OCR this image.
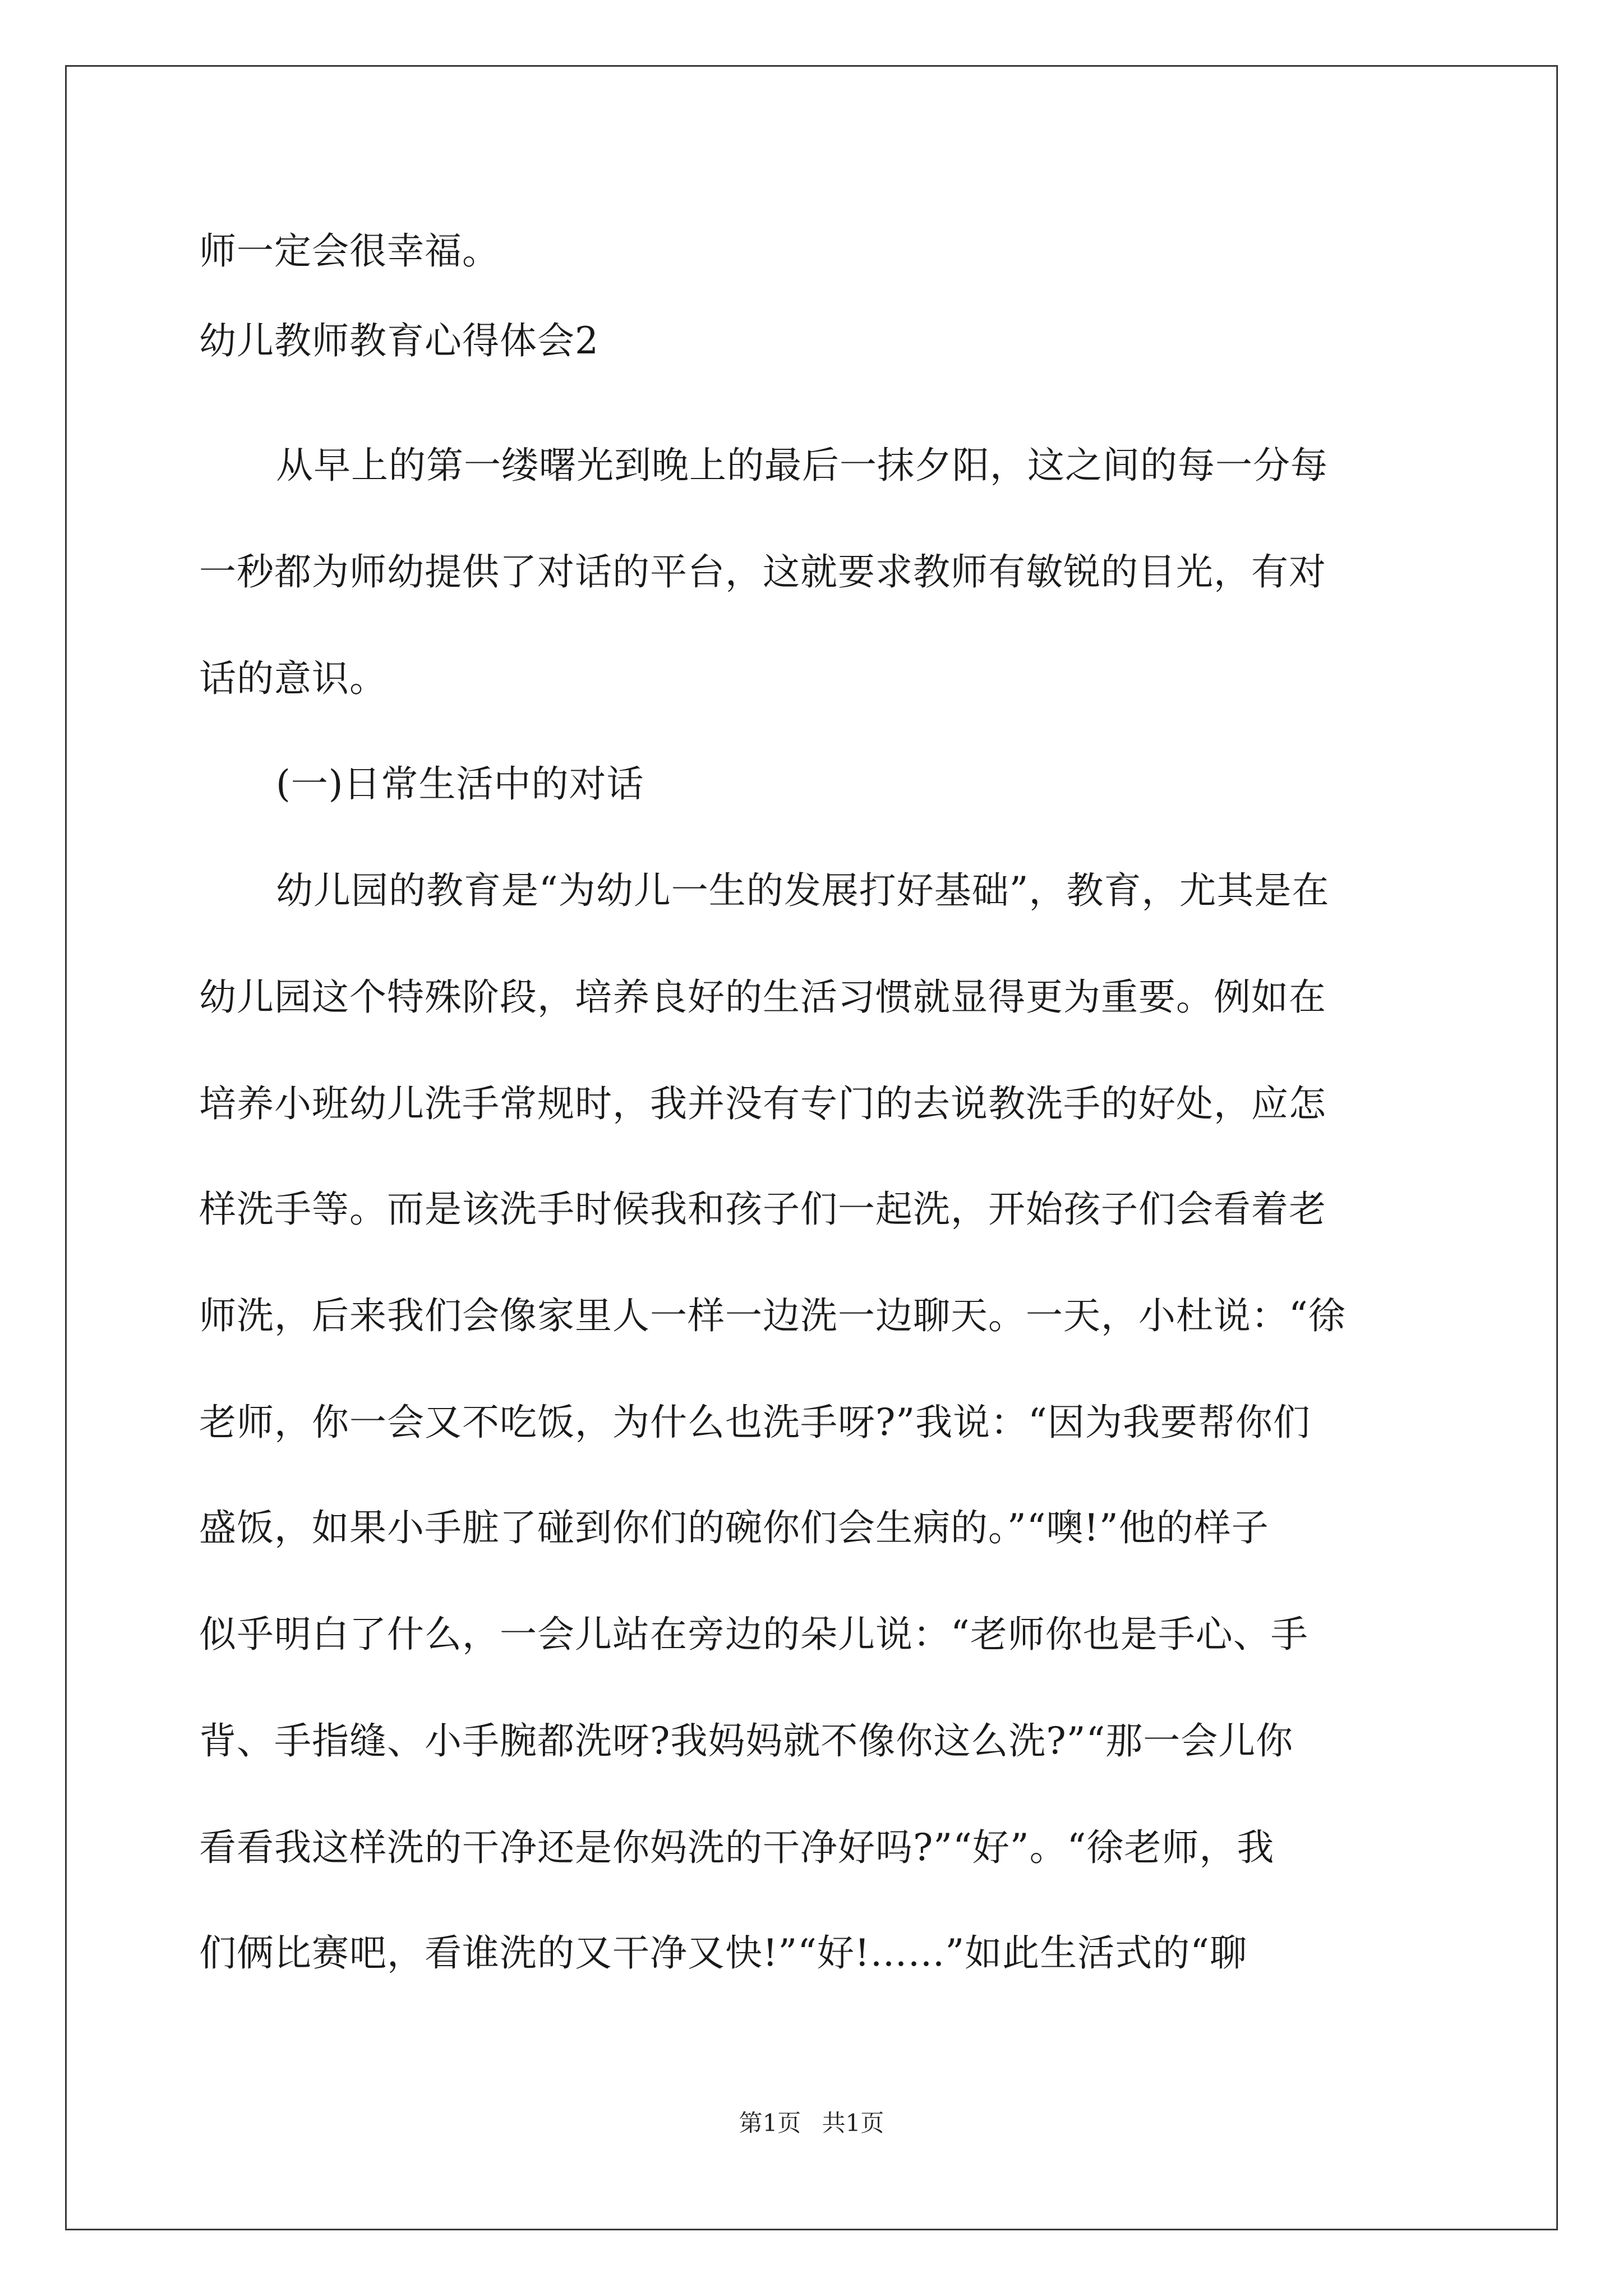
师一定会很幸福。
幼儿教师教育心得体会2
从早上的第一缕曙光到晚上的最后一抹夕阳，这之间的每一分每
一秒都为师幼提供了对话的平台，这就要求教师有敏锐的目光，有对
话的意识。
(一)日常生活中的对话
幼儿园的教育是“为幼儿一生的发展打好基础”，教育，尤其是在
幼儿园这个特殊阶段，培养良好的生活习惯就显得更为重要。例如在
培养小班幼儿洗手常规时，我并没有专门的去说教洗手的好处，应怎
样洗手等。而是该洗手时候我和孩子们一起洗，开始孩子们会看着老
师洗，后来我们会像家里人一样一边洗一边聊天。一天，小杜说：“徐
老师，你一会又不吃饭，为什么也洗手呀?”我说：“因为我要帮你们
盛饭，如果小手脏了碰到你们的碗你们会生病的。”“噢!”他的样子
似乎明白了什么，一会儿站在旁边的朵儿说：“老师你也是手心、手
背、手指缝、小手腕都洗呀?我妈妈就不像你这么洗?”“那一会儿你
看看我这样洗的干净还是你妈洗的干净好吗?”“好”。“徐老师，我
们俩比赛吧，看谁洗的又干净又快!”“好!……”如此生活式的“聊
第1页 共1页
